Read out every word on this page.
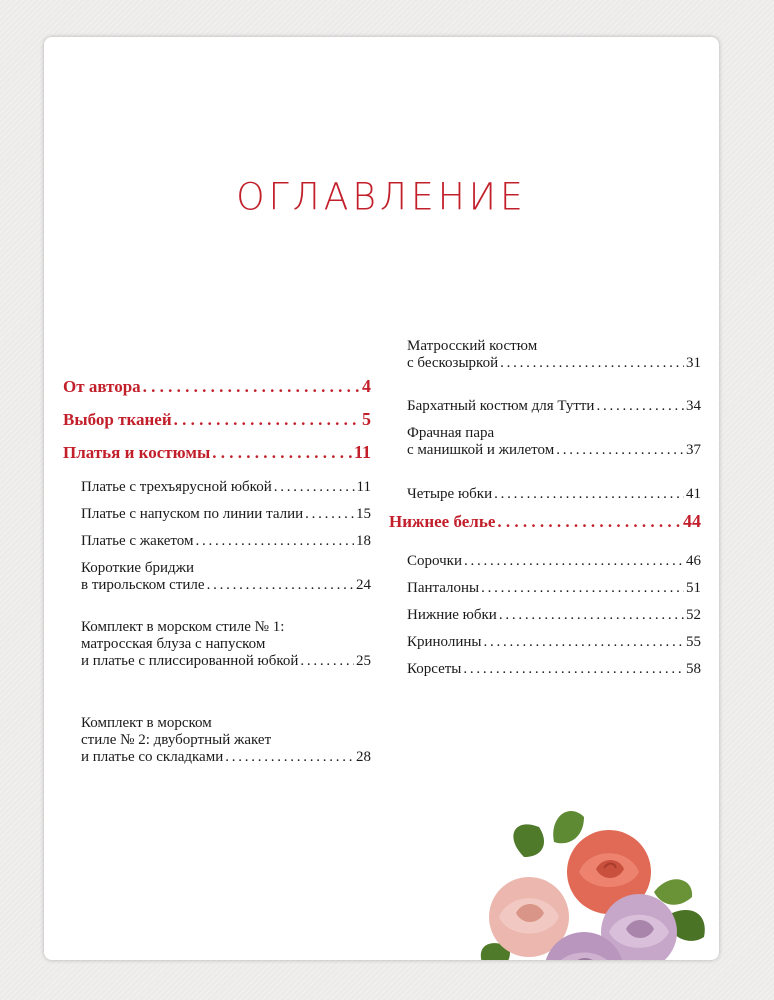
ОГЛАВЛЕНИЕ
От автора . . .	4
Выбор тканей . . .	5
Платья и костюмы . . .	11
Платье с трехъярусной юбкой . . .	11
Платье с напуском по линии талии . . .	15
Платье с жакетом . . .	18
Короткие бриджи
в тирольском стиле . . .	24
Комплект в морском стиле № 1:
матросская блуза с напуском
и платье с плиссированной юбкой . . .	25
Комплект в морском
стиле № 2: двубортный жакет
и платье со складками . . .	28
Матросский костюм
с бескозыркой . . .	31
Бархатный костюм для Тутти . . .	34
Фрачная пара
с манишкой и жилетом . . .	37
Четыре юбки . . .	41
Нижнее белье . . .	44
Сорочки . . .	46
Панталоны . . .	51
Нижние юбки . . .	52
Кринолины . . .	55
Корсеты . . .	58
